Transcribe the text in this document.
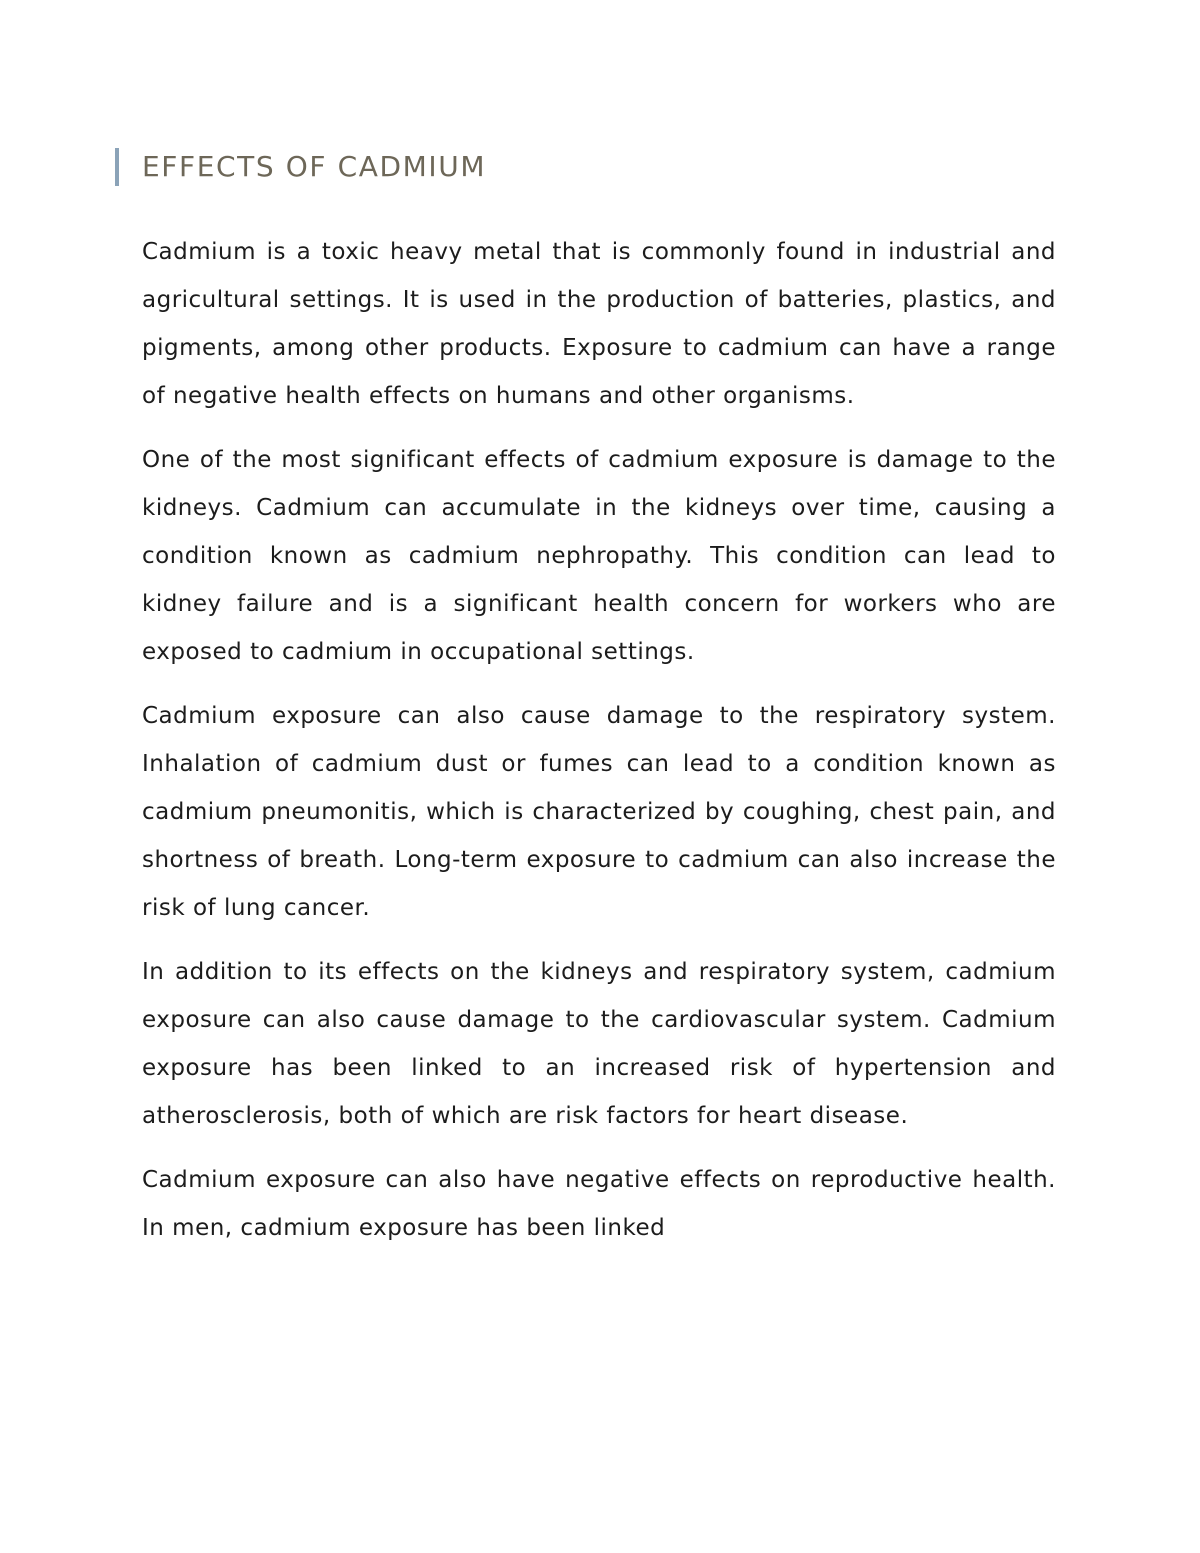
EFFECTS OF CADMIUM

Cadmium is a toxic heavy metal that is commonly found in industrial and agricultural settings. It is used in the production of batteries, plastics, and pigments, among other products. Exposure to cadmium can have a range of negative health effects on humans and other organisms.

One of the most significant effects of cadmium exposure is damage to the kidneys. Cadmium can accumulate in the kidneys over time, causing a condition known as cadmium nephropathy. This condition can lead to kidney failure and is a significant health concern for workers who are exposed to cadmium in occupational settings.

Cadmium exposure can also cause damage to the respiratory system. Inhalation of cadmium dust or fumes can lead to a condition known as cadmium pneumonitis, which is characterized by coughing, chest pain, and shortness of breath. Long-term exposure to cadmium can also increase the risk of lung cancer.

In addition to its effects on the kidneys and respiratory system, cadmium exposure can also cause damage to the cardiovascular system. Cadmium exposure has been linked to an increased risk of hypertension and atherosclerosis, both of which are risk factors for heart disease.

Cadmium exposure can also have negative effects on reproductive health. In men, cadmium exposure has been linked
